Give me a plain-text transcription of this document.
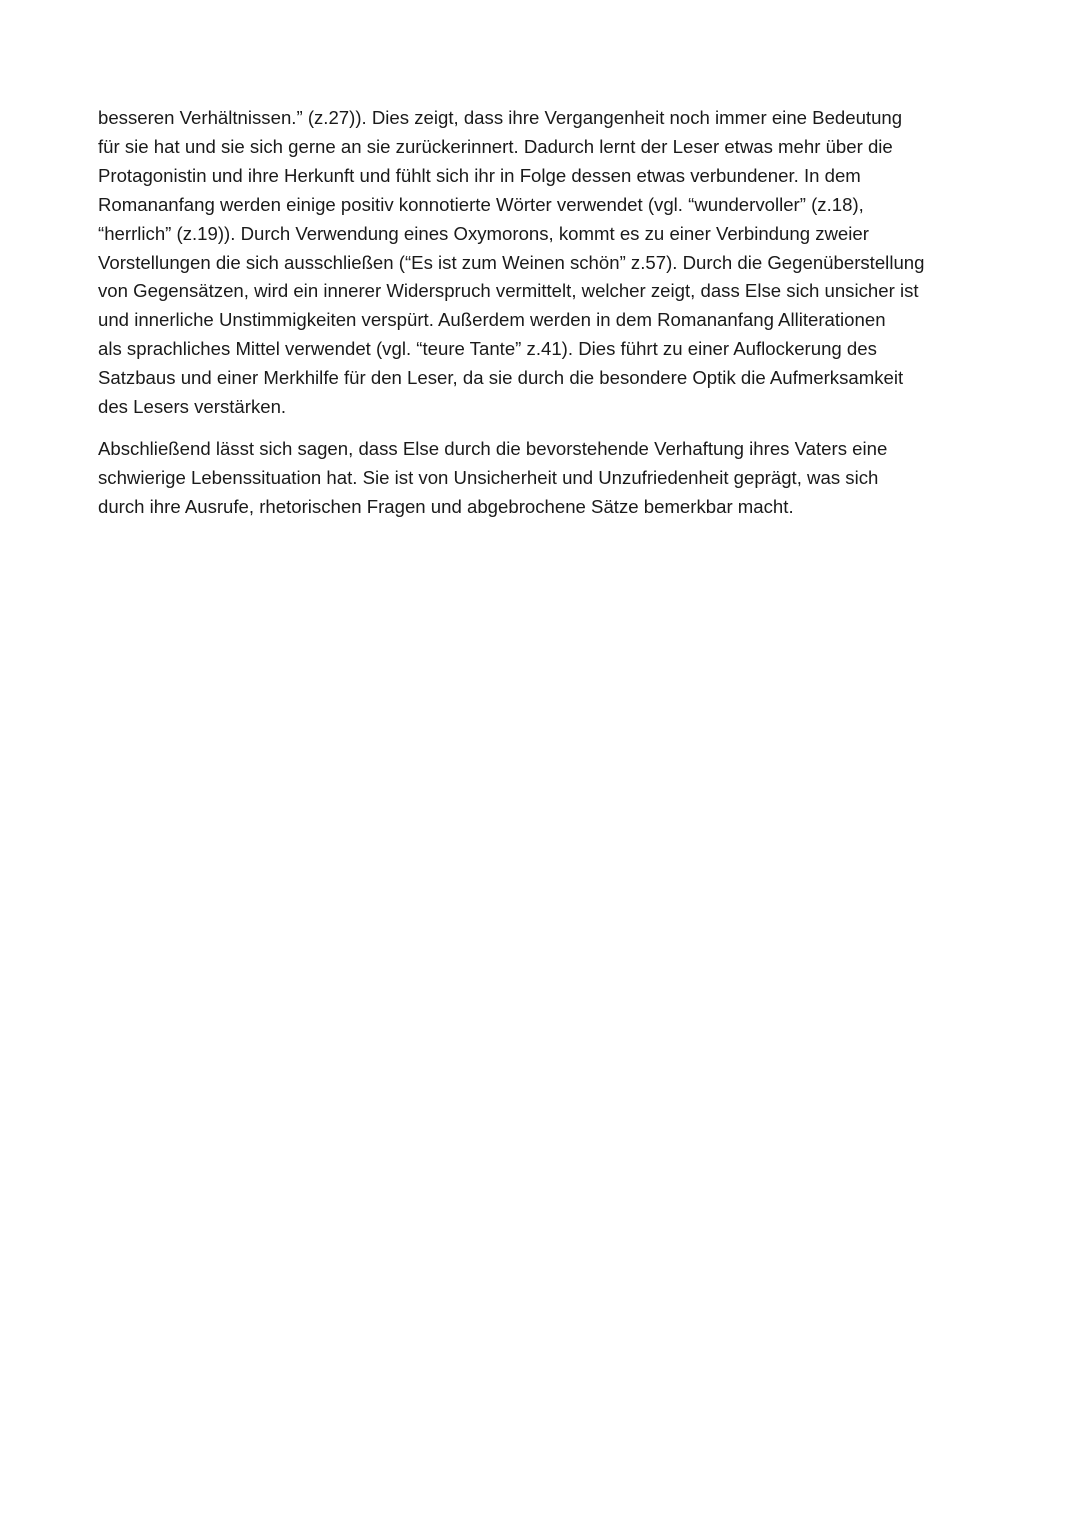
besseren Verhältnissen.” (z.27)). Dies zeigt, dass ihre Vergangenheit noch immer eine Bedeutung
für sie hat und sie sich gerne an sie zurückerinnert. Dadurch lernt der Leser etwas mehr über die
Protagonistin und ihre Herkunft und fühlt sich ihr in Folge dessen etwas verbundener. In dem
Romananfang werden einige positiv konnotierte Wörter verwendet (vgl. “wundervoller” (z.18),
“herrlich” (z.19)). Durch Verwendung eines Oxymorons, kommt es zu einer Verbindung zweier
Vorstellungen die sich ausschließen (“Es ist zum Weinen schön” z.57). Durch die Gegenüberstellung
von Gegensätzen, wird ein innerer Widerspruch vermittelt, welcher zeigt, dass Else sich unsicher ist
und innerliche Unstimmigkeiten verspürt. Außerdem werden in dem Romananfang Alliterationen
als sprachliches Mittel verwendet (vgl. “teure Tante” z.41). Dies führt zu einer Auflockerung des
Satzbaus und einer Merkhilfe für den Leser, da sie durch die besondere Optik die Aufmerksamkeit
des Lesers verstärken.

Abschließend lässt sich sagen, dass Else durch die bevorstehende Verhaftung ihres Vaters eine
schwierige Lebenssituation hat. Sie ist von Unsicherheit und Unzufriedenheit geprägt, was sich
durch ihre Ausrufe, rhetorischen Fragen und abgebrochene Sätze bemerkbar macht.
